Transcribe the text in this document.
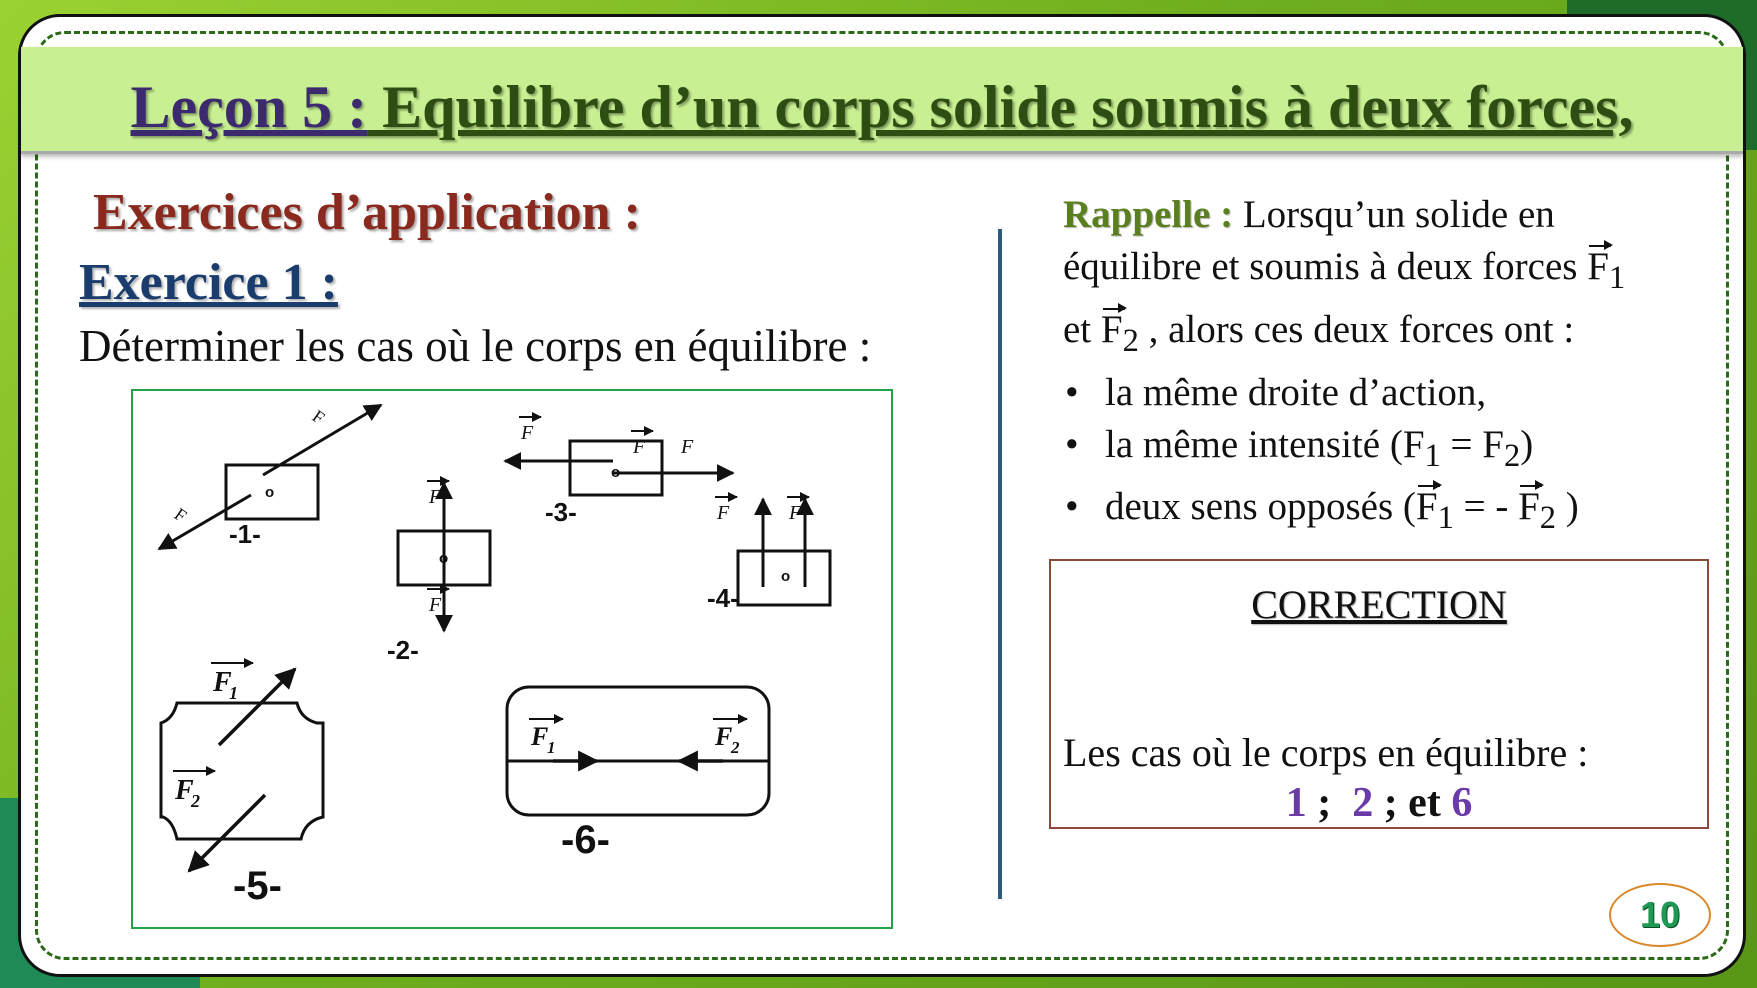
Leçon 5 : Equilibre d’un corps solide soumis à deux forces,
Exercices d’application :
Exercice 1 :
Déterminer les cas où le corps en équilibre :
F
F
o
o
o
o
F
F
F
F F
F	F
F
1
F
2
F
1	F
2
-1-
-2-
-3-
-4-
-5-
-6-
Rappelle : Lorsqu’un solide en
équilibre et soumis à deux forces $F_1$
et $F_2$ , alors ces deux forces ont :
• la même droite d’action,
• la même intensité $(F_1 = F_2)$
• deux sens opposés ($F_1$ = - $F_2$ )
CORRECTION
Les cas où le corps en équilibre :
1 ;  2 ; et 6
10
